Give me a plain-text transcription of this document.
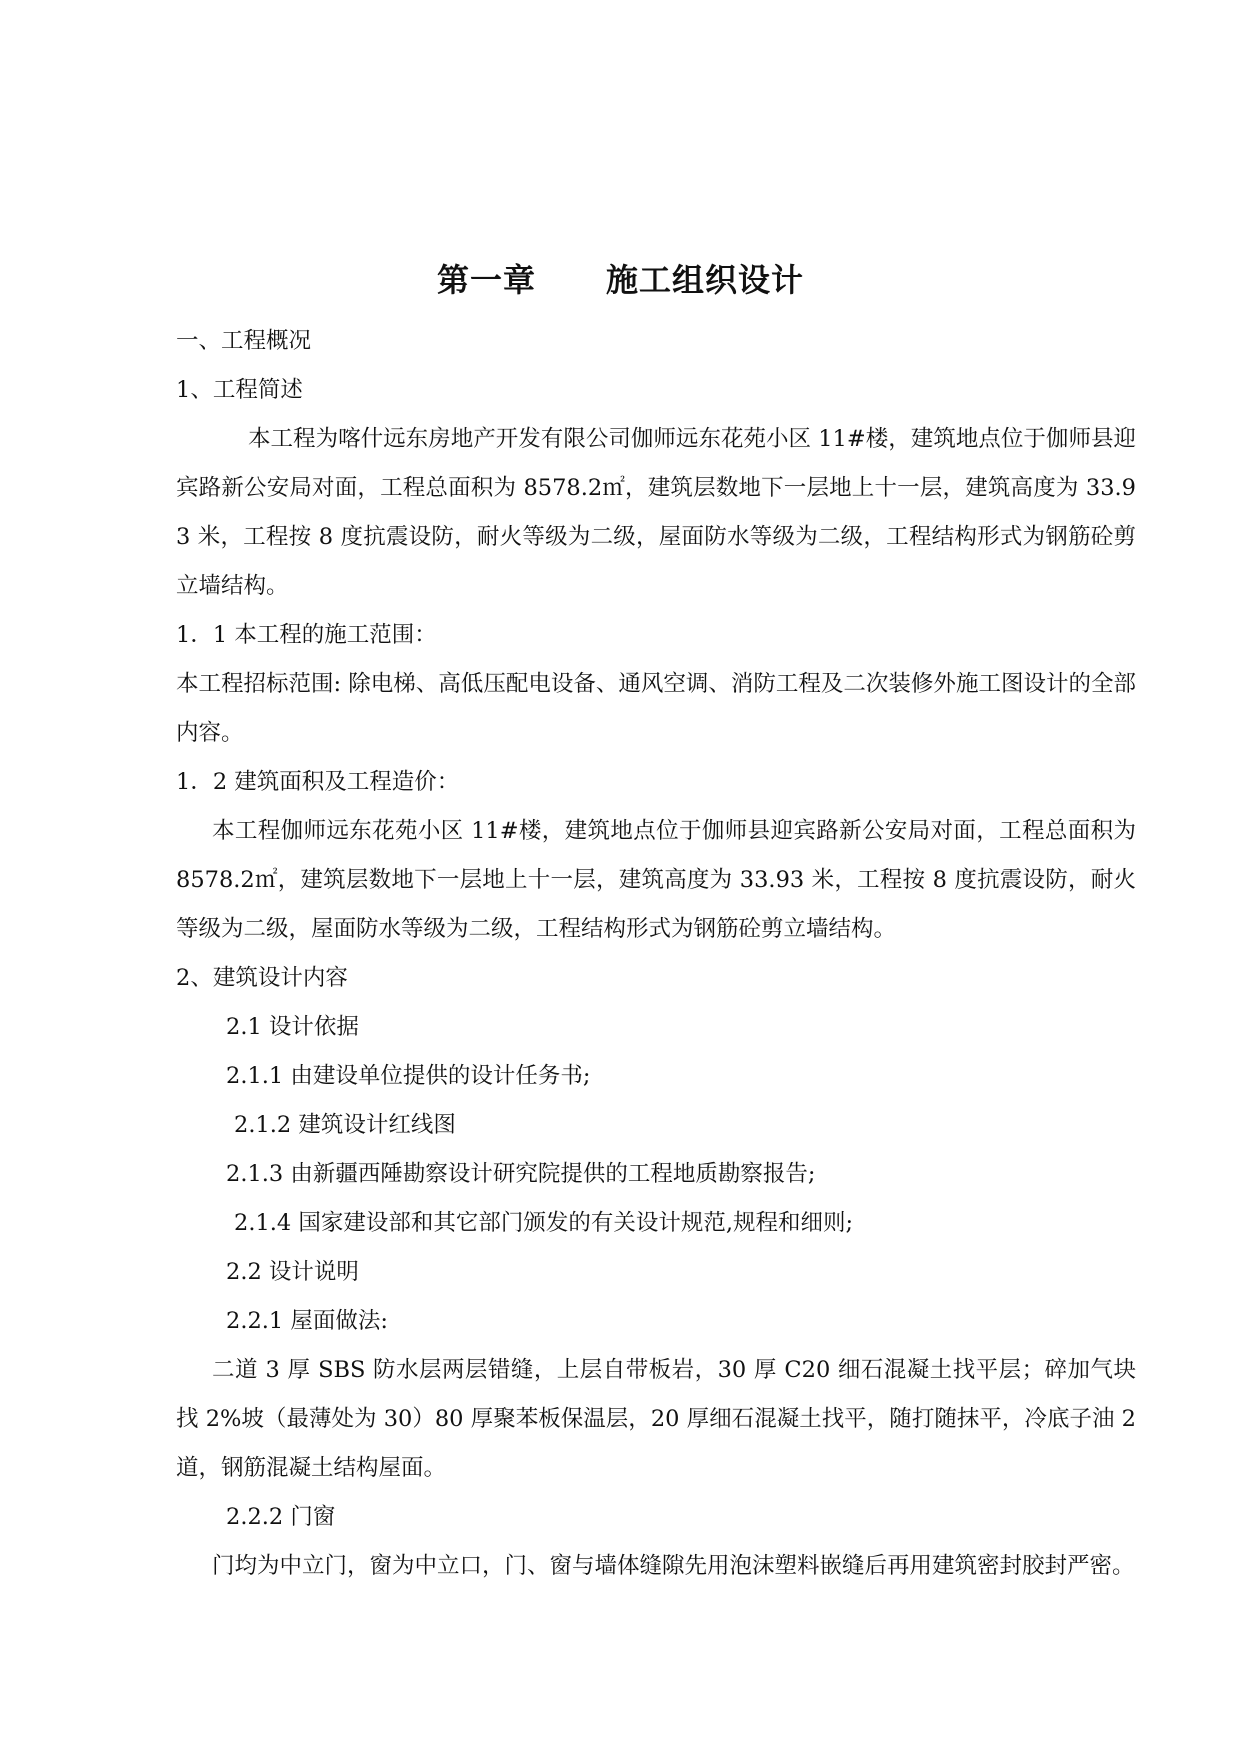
第一章 施工组织设计

一、工程概况

1、工程简述

本工程为喀什远东房地产开发有限公司伽师远东花苑小区 11#楼，建筑地点位于伽师县迎宾路新公安局对面，工程总面积为 8578.2㎡，建筑层数地下一层地上十一层，建筑高度为 33.93 米，工程按 8 度抗震设防，耐火等级为二级，屋面防水等级为二级，工程结构形式为钢筋砼剪立墙结构。

1．1 本工程的施工范围：

本工程招标范围: 除电梯、高低压配电设备、通风空调、消防工程及二次装修外施工图设计的全部内容。

1．2 建筑面积及工程造价：

本工程伽师远东花苑小区 11#楼，建筑地点位于伽师县迎宾路新公安局对面，工程总面积为 8578.2㎡，建筑层数地下一层地上十一层，建筑高度为 33.93 米，工程按 8 度抗震设防，耐火等级为二级，屋面防水等级为二级，工程结构形式为钢筋砼剪立墙结构。

2、建筑设计内容

2.1 设计依据

2.1.1 由建设单位提供的设计任务书;

2.1.2 建筑设计红线图

2.1.3 由新疆西陲勘察设计研究院提供的工程地质勘察报告;

2.1.4 国家建设部和其它部门颁发的有关设计规范,规程和细则;

2.2 设计说明

2.2.1 屋面做法:

二道 3 厚 SBS 防水层两层错缝，上层自带板岩，30 厚 C20 细石混凝土找平层；碎加气块找 2%坡（最薄处为 30）80 厚聚苯板保温层，20 厚细石混凝土找平，随打随抹平，冷底子油 2 道，钢筋混凝土结构屋面。

2.2.2 门窗

门均为中立门，窗为中立口，门、窗与墙体缝隙先用泡沫塑料嵌缝后再用建筑密封胶封严密。
